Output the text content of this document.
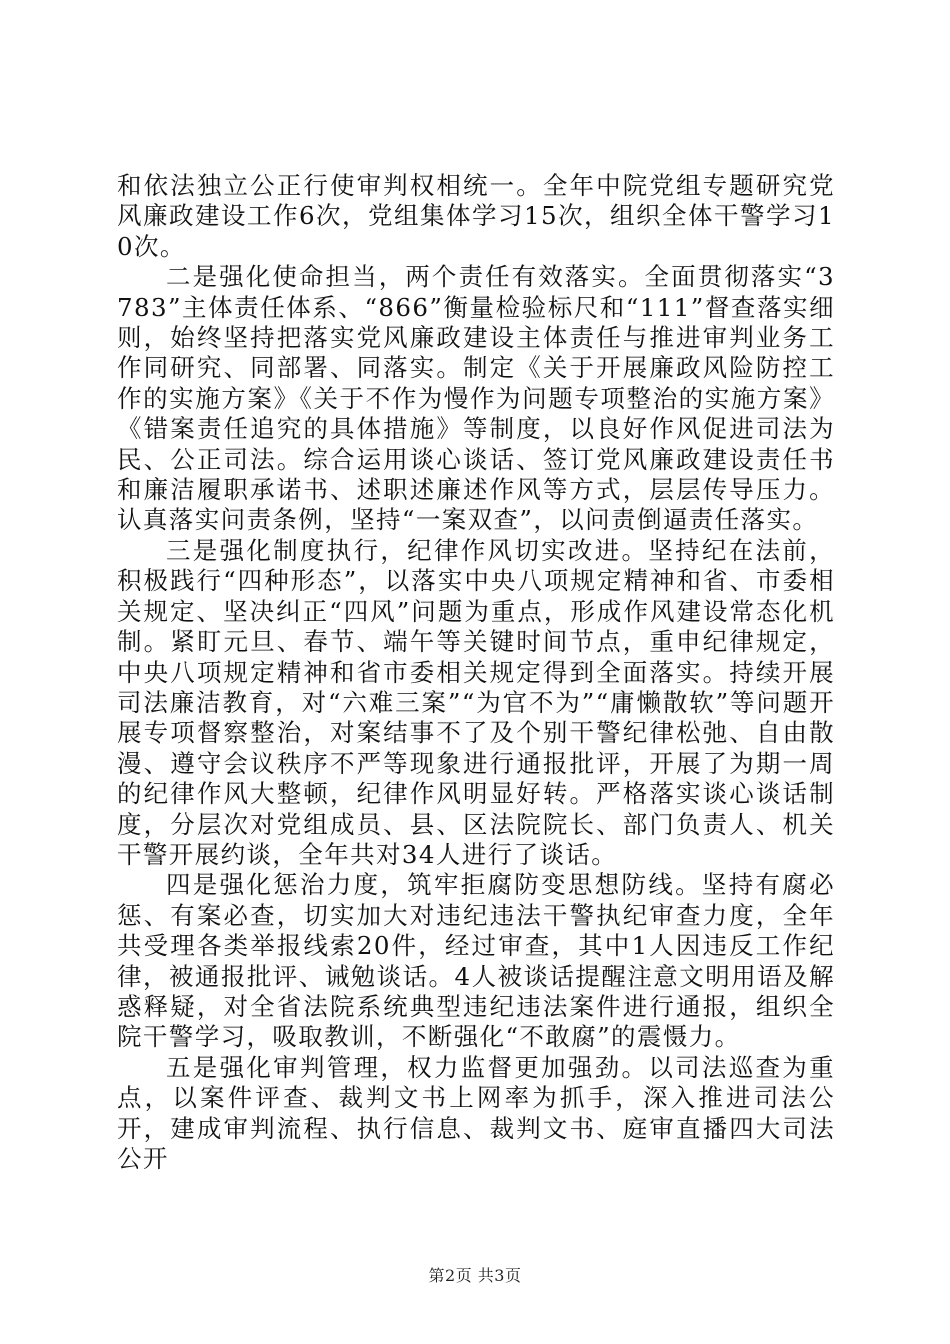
和依法独立公正行使审判权相统一。全年中院党组专题研究党风廉政建设工作6次，党组集体学习15次，组织全体干警学习10次。

二是强化使命担当，两个责任有效落实。全面贯彻落实“3783”主体责任体系、“866”衡量检验标尺和“111”督查落实细则，始终坚持把落实党风廉政建设主体责任与推进审判业务工作同研究、同部署、同落实。制定《关于开展廉政风险防控工作的实施方案》《关于不作为慢作为问题专项整治的实施方案》《错案责任追究的具体措施》等制度，以良好作风促进司法为民、公正司法。综合运用谈心谈话、签订党风廉政建设责任书和廉洁履职承诺书、述职述廉述作风等方式，层层传导压力。认真落实问责条例，坚持“一案双查”，以问责倒逼责任落实。

三是强化制度执行，纪律作风切实改进。坚持纪在法前，积极践行“四种形态”，以落实中央八项规定精神和省、市委相关规定、坚决纠正“四风”问题为重点，形成作风建设常态化机制。紧盯元旦、春节、端午等关键时间节点，重申纪律规定，中央八项规定精神和省市委相关规定得到全面落实。持续开展司法廉洁教育，对“六难三案”“为官不为”“庸懒散软”等问题开展专项督察整治，对案结事不了及个别干警纪律松弛、自由散漫、遵守会议秩序不严等现象进行通报批评，开展了为期一周的纪律作风大整顿，纪律作风明显好转。严格落实谈心谈话制度，分层次对党组成员、县、区法院院长、部门负责人、机关干警开展约谈，全年共对34人进行了谈话。

四是强化惩治力度，筑牢拒腐防变思想防线。坚持有腐必惩、有案必查，切实加大对违纪违法干警执纪审查力度，全年共受理各类举报线索20件，经过审查，其中1人因违反工作纪律，被通报批评、诫勉谈话。4人被谈话提醒注意文明用语及解惑释疑，对全省法院系统典型违纪违法案件进行通报，组织全院干警学习，吸取教训，不断强化“不敢腐”的震慑力。

五是强化审判管理，权力监督更加强劲。以司法巡查为重点，以案件评查、裁判文书上网率为抓手，深入推进司法公开，建成审判流程、执行信息、裁判文书、庭审直播四大司法公开

第2页 共3页
